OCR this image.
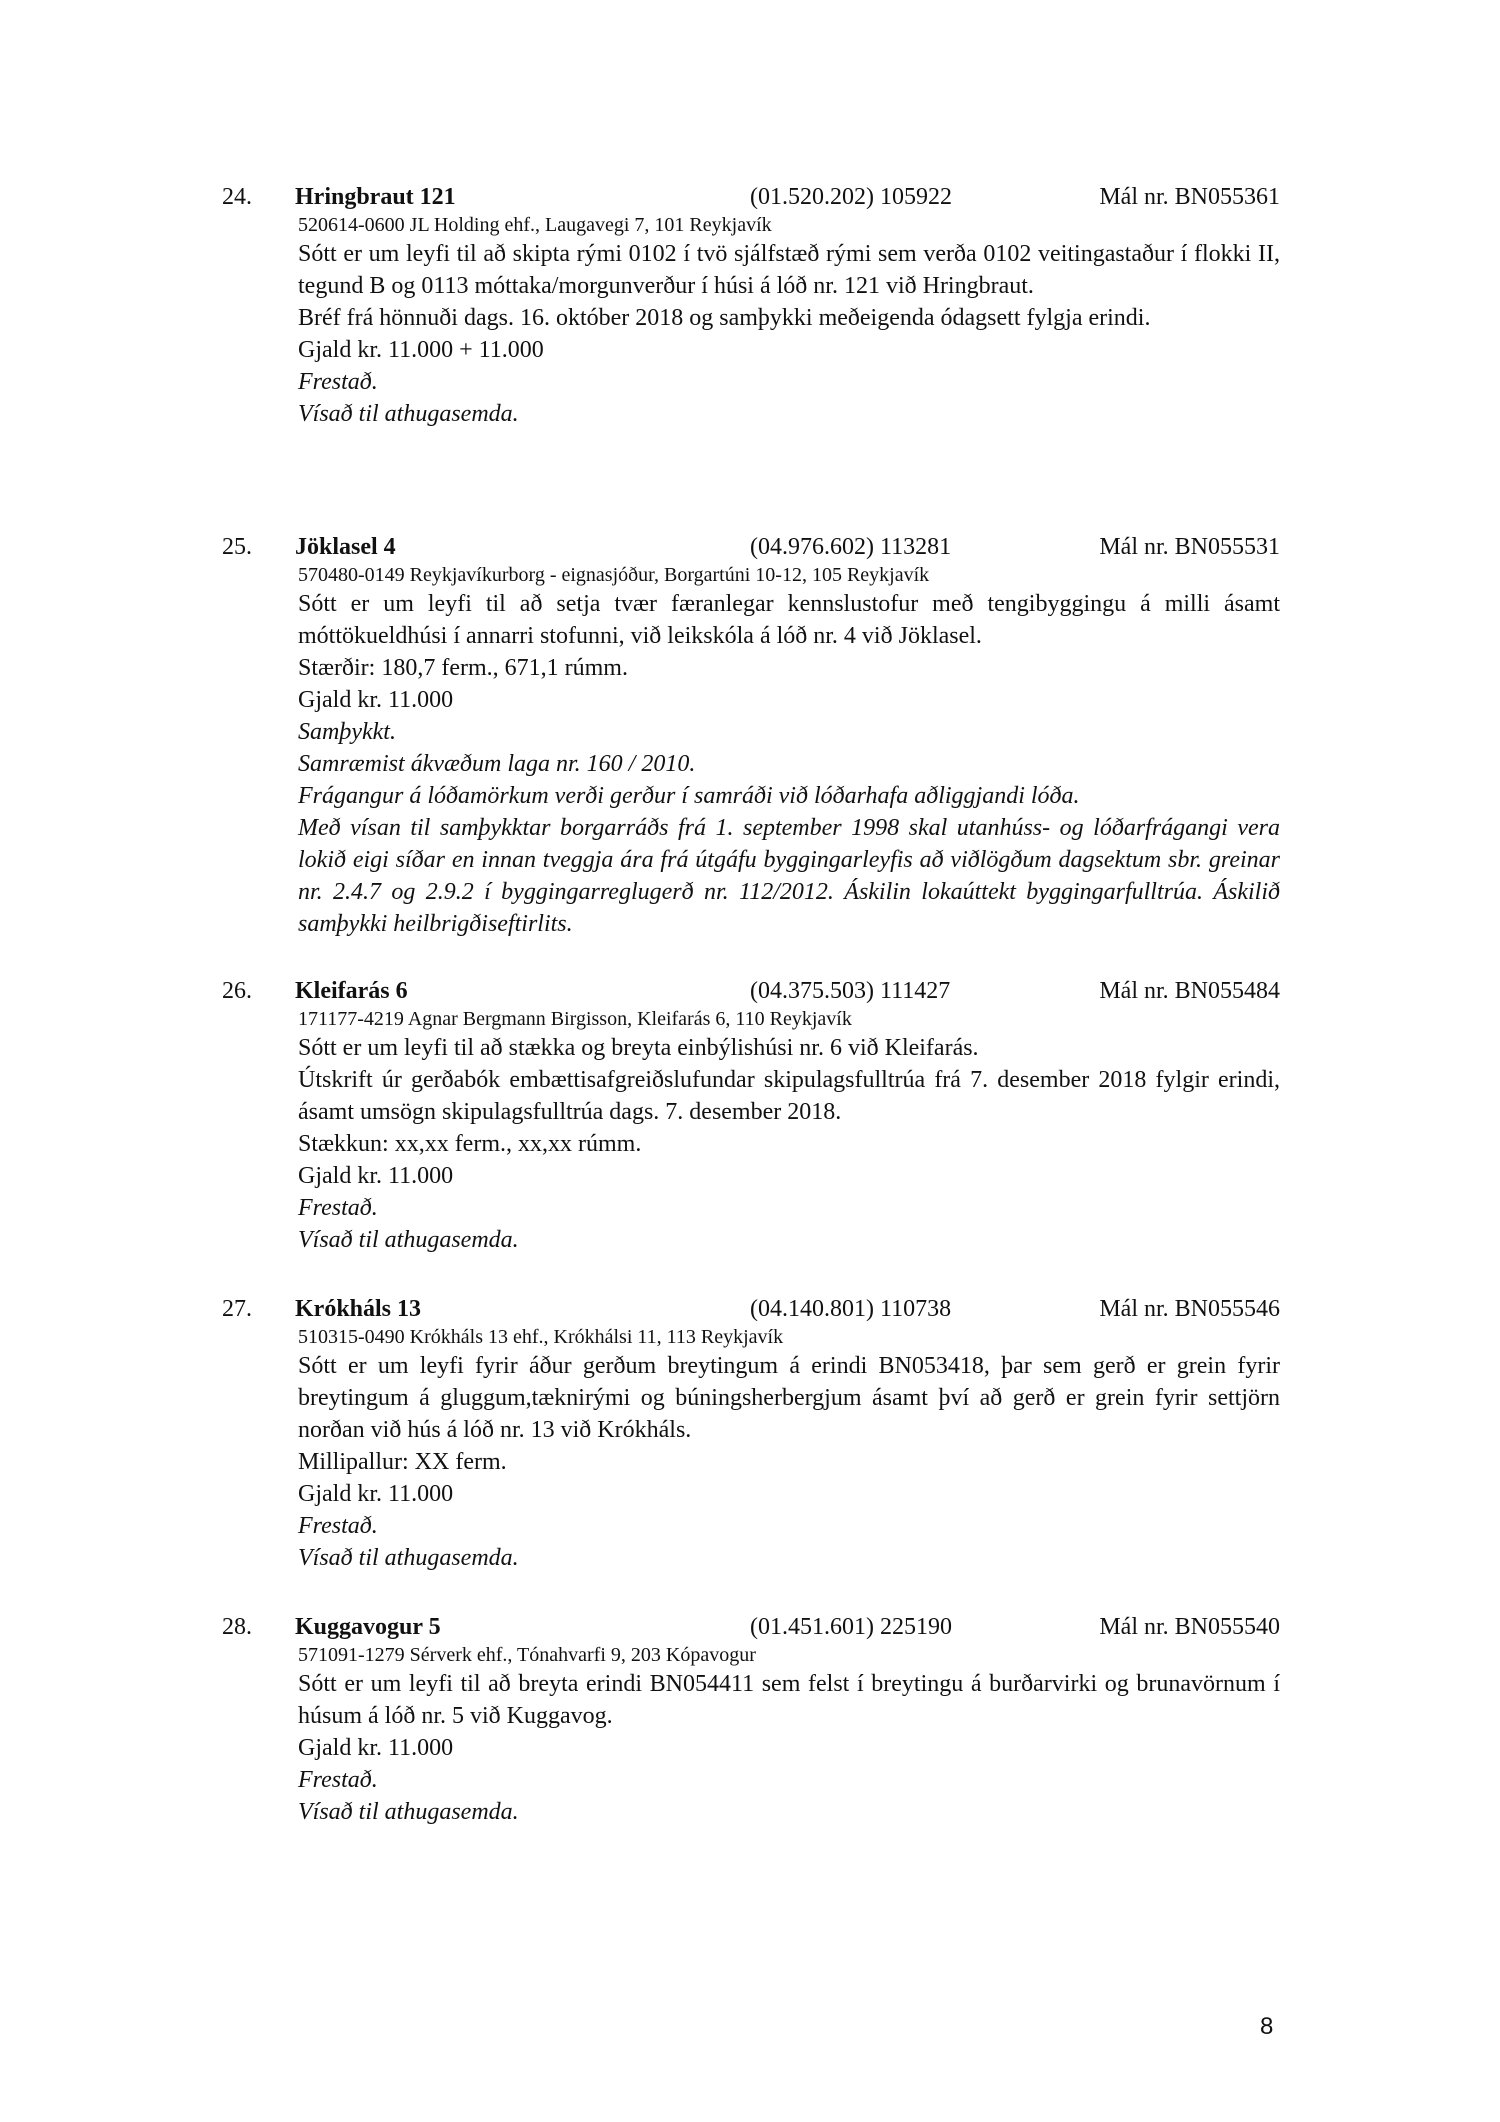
24. Hringbraut 121	(01.520.202) 105922	Mál nr. BN055361
520614-0600 JL Holding ehf., Laugavegi 7, 101 Reykjavík

Sótt er um leyfi til að skipta rými 0102 í tvö sjálfstæð rými sem verða 0102 veitingastaður í flokki II, tegund B og 0113 móttaka/morgunverður í húsi á lóð nr. 121 við Hringbraut.

Bréf frá hönnuði dags. 16. október 2018 og samþykki meðeigenda ódagsett fylgja erindi.

Gjald kr. 11.000 + 11.000

Frestað.

Vísað til athugasemda.

25. Jöklasel 4	(04.976.602) 113281	Mál nr. BN055531
570480-0149 Reykjavíkurborg - eignasjóður, Borgartúni 10-12, 105 Reykjavík

Sótt er um leyfi til að setja tvær færanlegar kennslustofur með tengibyggingu á milli ásamt móttökueldhúsi í annarri stofunni, við leikskóla á lóð nr. 4 við Jöklasel.

Stærðir: 180,7 ferm., 671,1 rúmm.

Gjald kr. 11.000

Samþykkt.

Samræmist ákvæðum laga nr. 160 / 2010.

Frágangur á lóðamörkum verði gerður í samráði við lóðarhafa aðliggjandi lóða.

Með vísan til samþykktar borgarráðs frá 1. september 1998 skal utanhúss- og lóðarfrágangi vera lokið eigi síðar en innan tveggja ára frá útgáfu byggingarleyfis að viðlögðum dagsektum sbr. greinar nr. 2.4.7 og 2.9.2 í byggingarreglugerð nr. 112/2012. Áskilin lokaúttekt byggingarfulltrúa. Áskilið samþykki heilbrigðiseftirlits.

26. Kleifarás 6	(04.375.503) 111427	Mál nr. BN055484
171177-4219 Agnar Bergmann Birgisson, Kleifarás 6, 110 Reykjavík

Sótt er um leyfi til að stækka og breyta einbýlishúsi nr. 6 við Kleifarás.

Útskrift úr gerðabók embættisafgreiðslufundar skipulagsfulltrúa frá 7. desember 2018 fylgir erindi, ásamt umsögn skipulagsfulltrúa dags. 7. desember 2018.

Stækkun: xx,xx ferm., xx,xx rúmm.

Gjald kr. 11.000

Frestað.

Vísað til athugasemda.

27. Krókháls 13	(04.140.801) 110738	Mál nr. BN055546
510315-0490 Krókháls 13 ehf., Krókhálsi 11, 113 Reykjavík

Sótt er um leyfi fyrir áður gerðum breytingum á erindi BN053418, þar sem gerð er grein fyrir breytingum á gluggum,tæknirými og búningsherbergjum ásamt því að gerð er grein fyrir settjörn norðan við hús á lóð nr. 13 við Krókháls.

Millipallur: XX ferm.

Gjald kr. 11.000

Frestað.

Vísað til athugasemda.

28. Kuggavogur 5	(01.451.601) 225190	Mál nr. BN055540
571091-1279 Sérverk ehf., Tónahvarfi 9, 203 Kópavogur

Sótt er um leyfi til að breyta erindi BN054411 sem felst í breytingu á burðarvirki og brunavörnum í húsum á lóð nr. 5 við Kuggavog.

Gjald kr. 11.000

Frestað.

Vísað til athugasemda.

8
